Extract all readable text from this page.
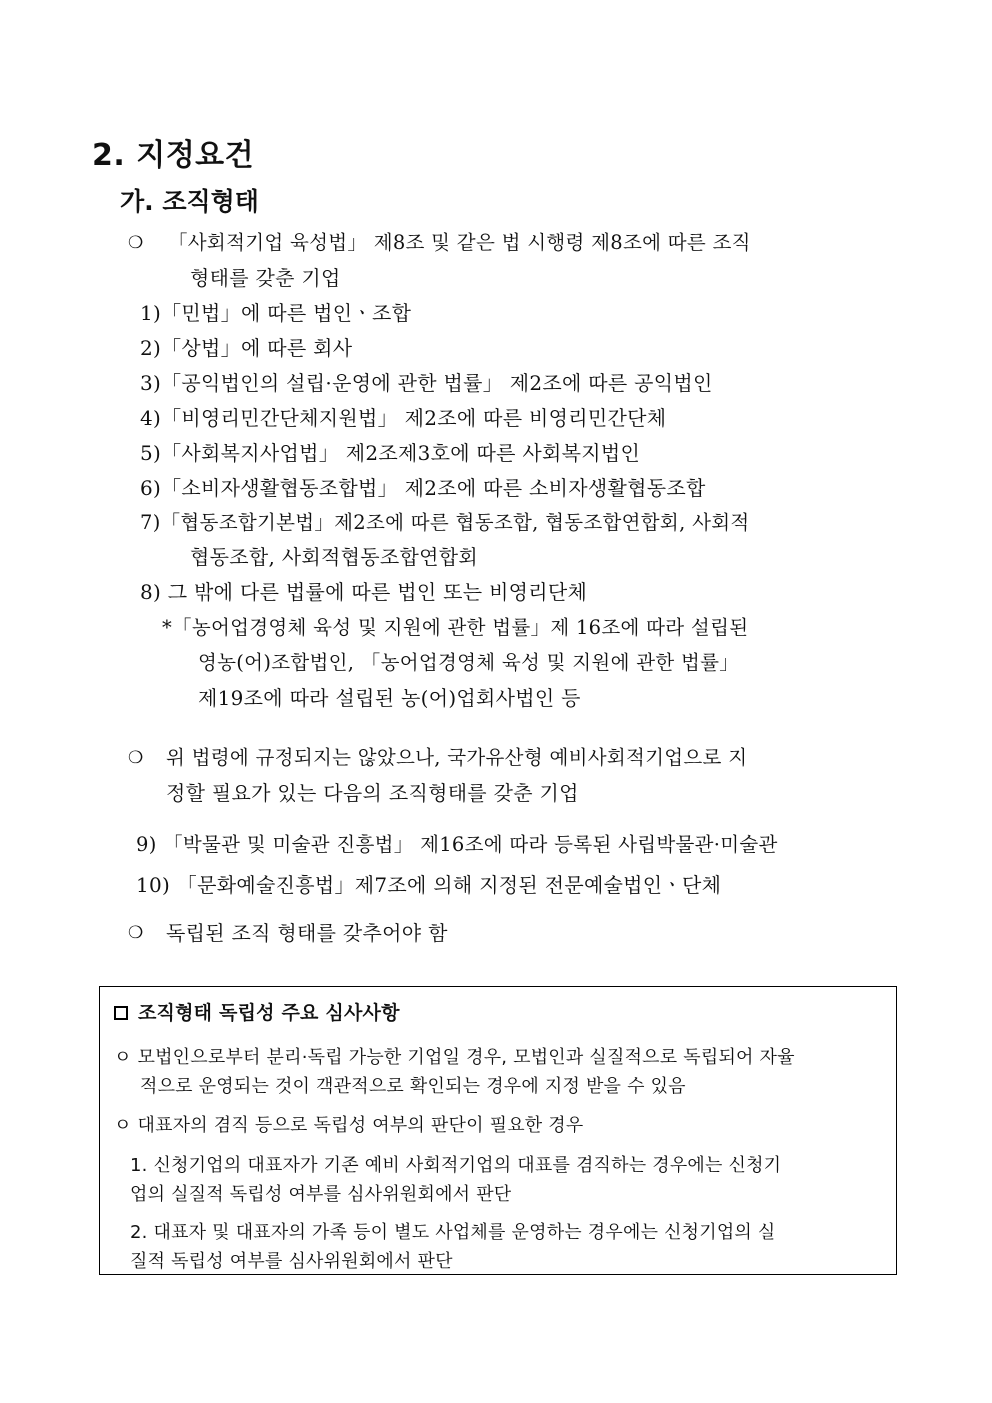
2. 지정요건
가. 조직형태
❍ 「사회적기업 육성법」 제8조 및 같은 법 시행령 제8조에 따른 조직
형태를 갖춘 기업
1)「민법」에 따른 법인ㆍ조합
2)「상법」에 따른 회사
3)「공익법인의 설립·운영에 관한 법률」 제2조에 따른 공익법인
4)「비영리민간단체지원법」 제2조에 따른 비영리민간단체
5)「사회복지사업법」 제2조제3호에 따른 사회복지법인
6)「소비자생활협동조합법」 제2조에 따른 소비자생활협동조합
7)「협동조합기본법」제2조에 따른 협동조합, 협동조합연합회, 사회적
협동조합, 사회적협동조합연합회
8) 그 밖에 다른 법률에 따른 법인 또는 비영리단체
*「농어업경영체 육성 및 지원에 관한 법률」제 16조에 따라 설립된
영농(어)조합법인, 「농어업경영체 육성 및 지원에 관한 법률」
제19조에 따라 설립된 농(어)업회사법인 등
❍ 위 법령에 규정되지는 않았으나, 국가유산형 예비사회적기업으로 지
정할 필요가 있는 다음의 조직형태를 갖춘 기업
9) 「박물관 및 미술관 진흥법」 제16조에 따라 등록된 사립박물관·미술관
10) 「문화예술진흥법」제7조에 의해 지정된 전문예술법인ㆍ단체
❍ 독립된 조직 형태를 갖추어야 함
조직형태 독립성 주요 심사사항
ㅇ 모법인으로부터 분리·독립 가능한 기업일 경우, 모법인과 실질적으로 독립되어 자율
적으로 운영되는 것이 객관적으로 확인되는 경우에 지정 받을 수 있음
ㅇ 대표자의 겸직 등으로 독립성 여부의 판단이 필요한 경우
1. 신청기업의 대표자가 기존 예비 사회적기업의 대표를 겸직하는 경우에는 신청기
업의 실질적 독립성 여부를 심사위원회에서 판단
2. 대표자 및 대표자의 가족 등이 별도 사업체를 운영하는 경우에는 신청기업의 실
질적 독립성 여부를 심사위원회에서 판단
